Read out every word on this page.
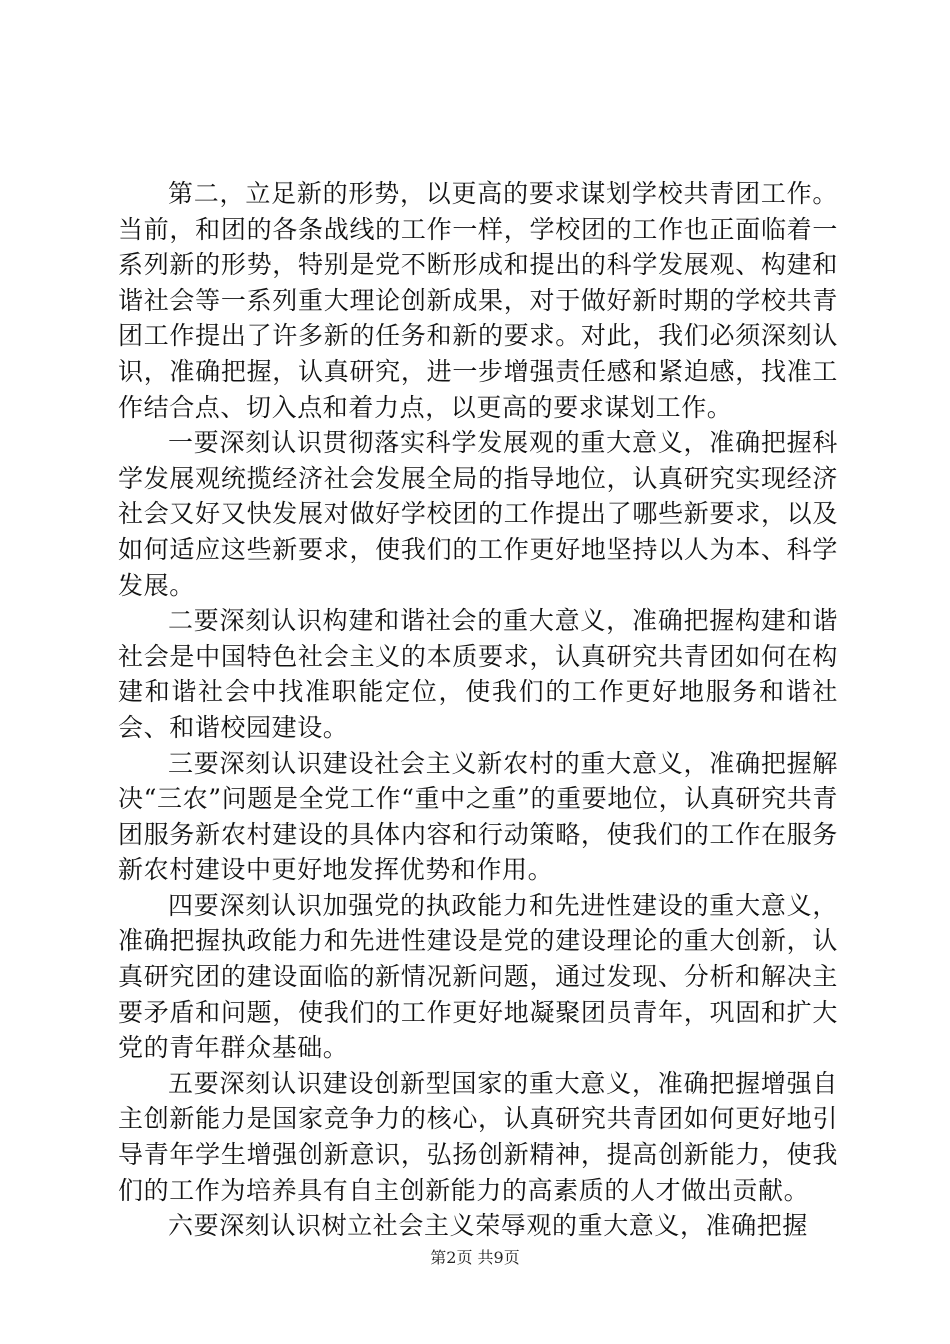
第二，立足新的形势，以更高的要求谋划学校共青团工作。当前，和团的各条战线的工作一样，学校团的工作也正面临着一系列新的形势，特别是党不断形成和提出的科学发展观、构建和谐社会等一系列重大理论创新成果，对于做好新时期的学校共青团工作提出了许多新的任务和新的要求。对此，我们必须深刻认识，准确把握，认真研究，进一步增强责任感和紧迫感，找准工作结合点、切入点和着力点，以更高的要求谋划工作。

一要深刻认识贯彻落实科学发展观的重大意义，准确把握科学发展观统揽经济社会发展全局的指导地位，认真研究实现经济社会又好又快发展对做好学校团的工作提出了哪些新要求，以及如何适应这些新要求，使我们的工作更好地坚持以人为本、科学发展。

二要深刻认识构建和谐社会的重大意义，准确把握构建和谐社会是中国特色社会主义的本质要求，认真研究共青团如何在构建和谐社会中找准职能定位，使我们的工作更好地服务和谐社会、和谐校园建设。

三要深刻认识建设社会主义新农村的重大意义，准确把握解决“三农”问题是全党工作“重中之重”的重要地位，认真研究共青团服务新农村建设的具体内容和行动策略，使我们的工作在服务新农村建设中更好地发挥优势和作用。

四要深刻认识加强党的执政能力和先进性建设的重大意义，准确把握执政能力和先进性建设是党的建设理论的重大创新，认真研究团的建设面临的新情况新问题，通过发现、分析和解决主要矛盾和问题，使我们的工作更好地凝聚团员青年，巩固和扩大党的青年群众基础。

五要深刻认识建设创新型国家的重大意义，准确把握增强自主创新能力是国家竞争力的核心，认真研究共青团如何更好地引导青年学生增强创新意识，弘扬创新精神，提高创新能力，使我们的工作为培养具有自主创新能力的高素质的人才做出贡献。

六要深刻认识树立社会主义荣辱观的重大意义，准确把握

第2页 共9页
